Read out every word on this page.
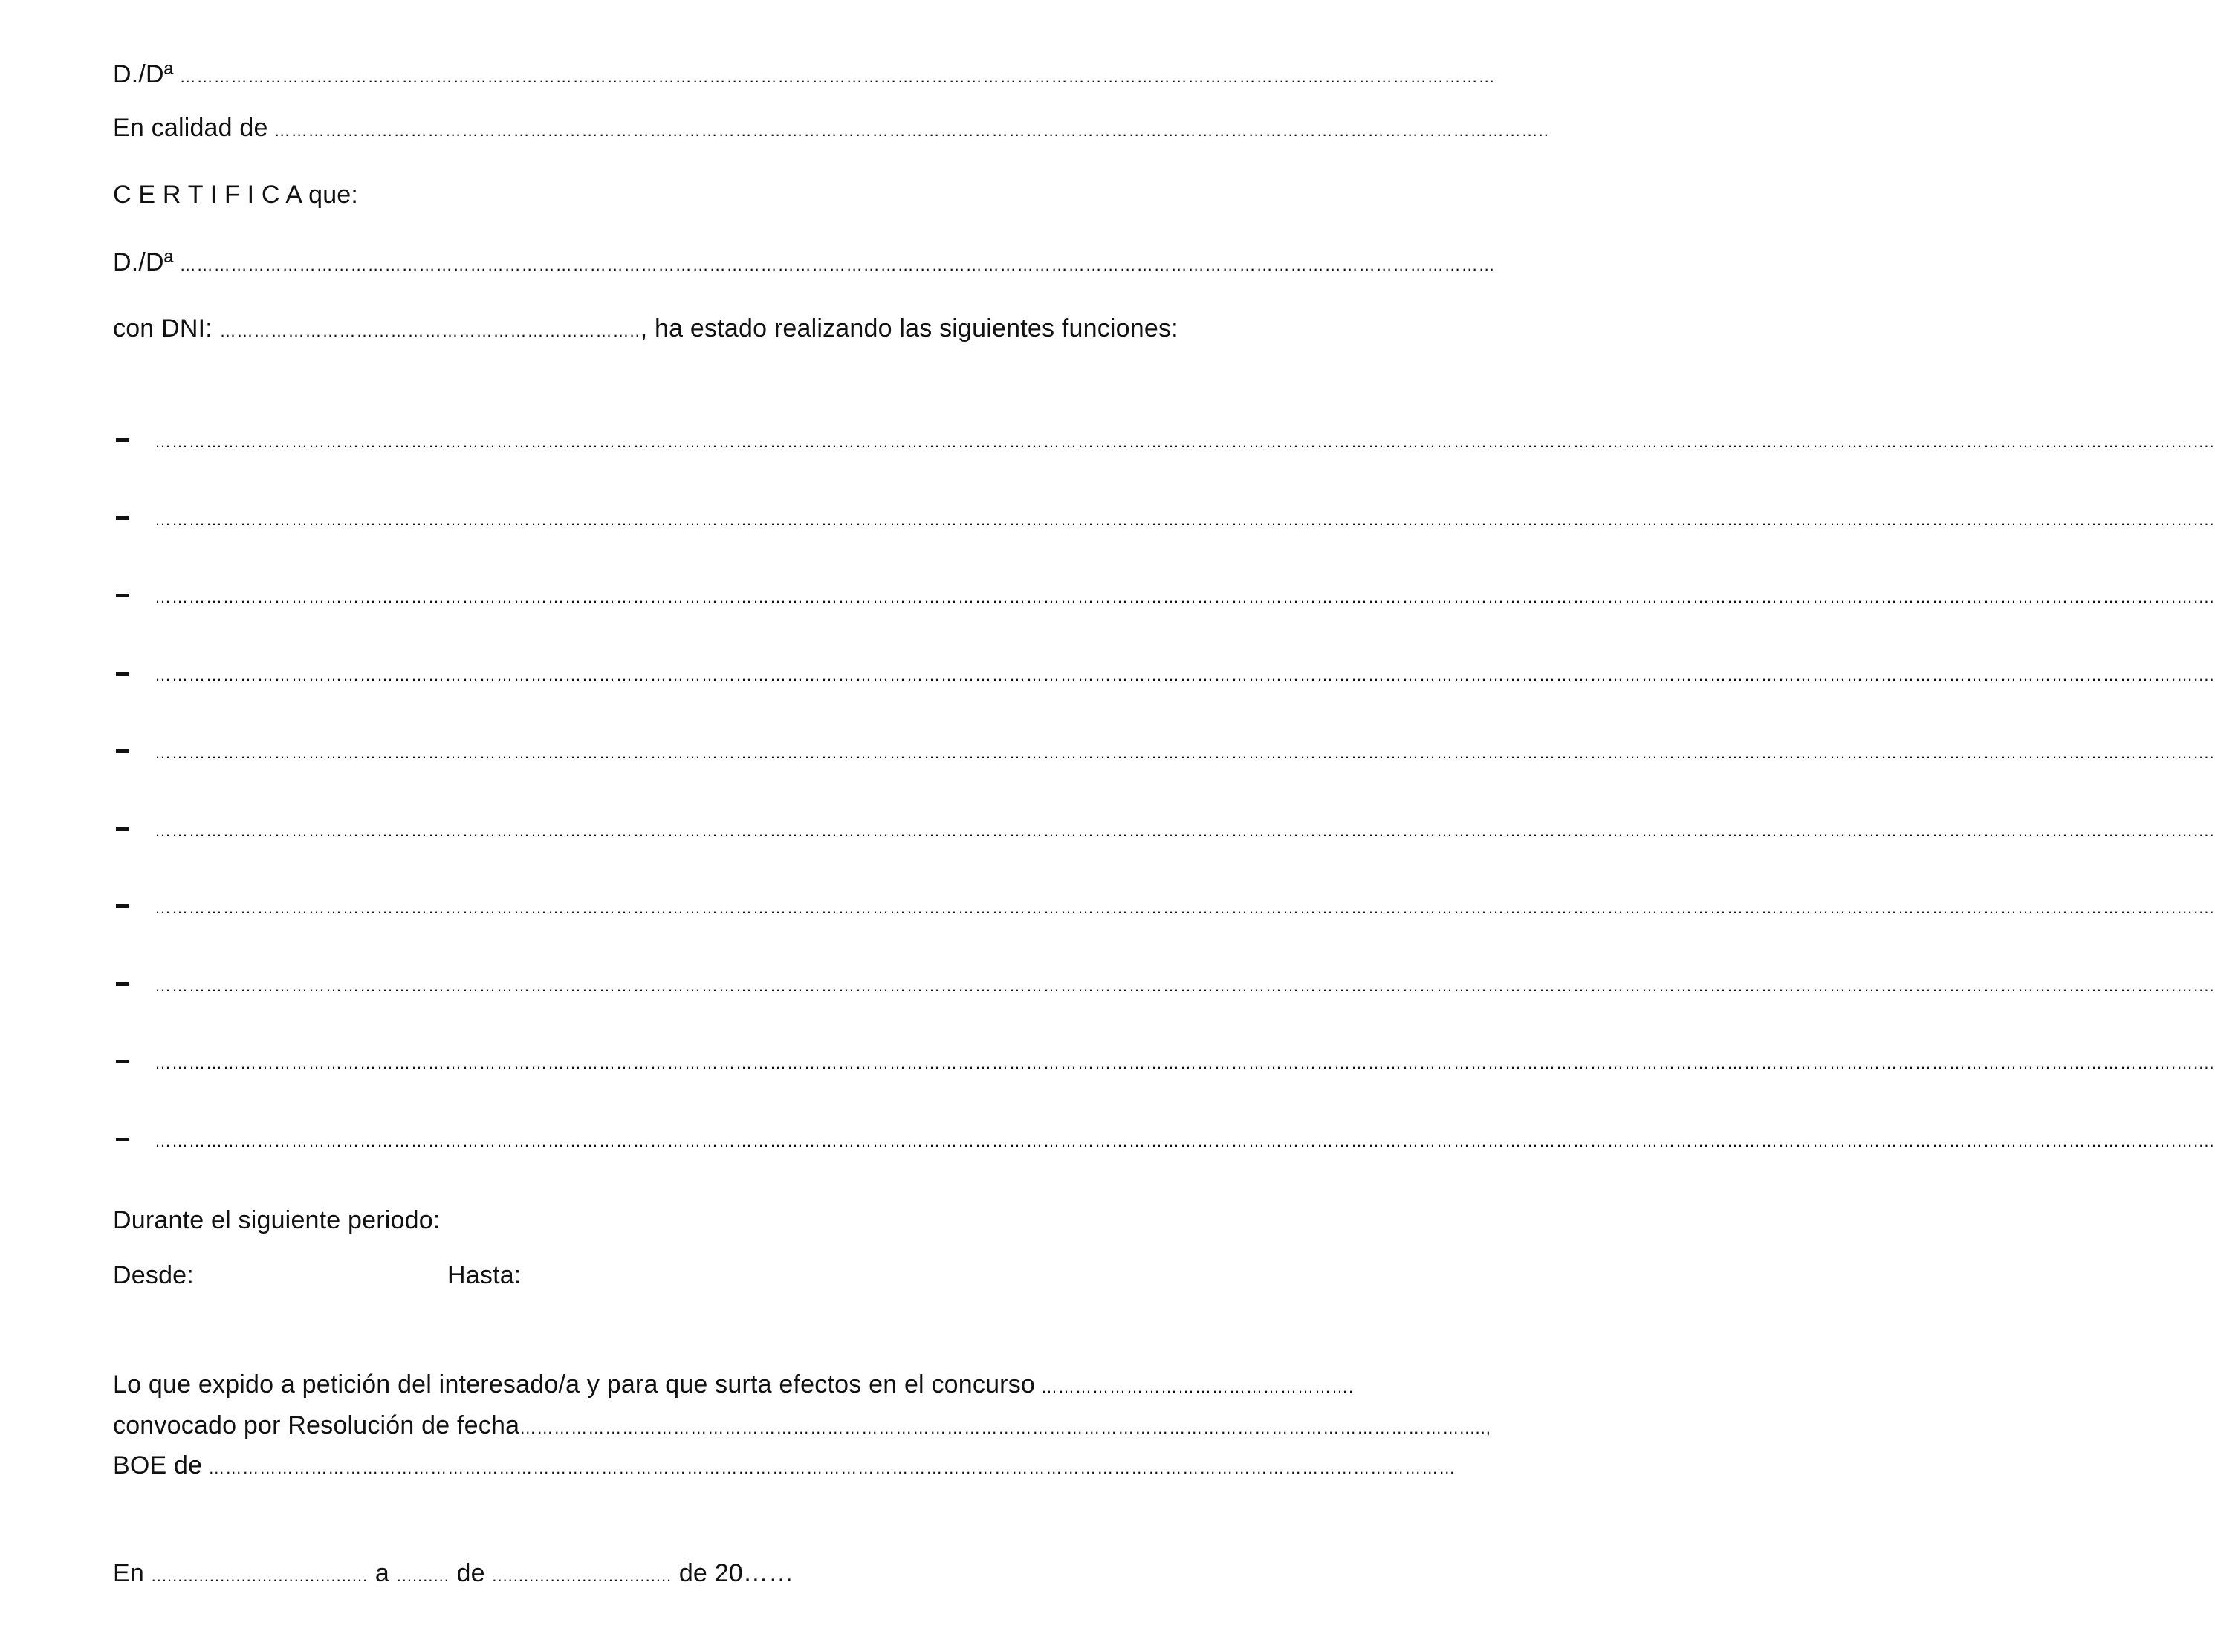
D./Dª ……………………………………………………………………………………………………………………………………………………………………………………………………………
En calidad de ……………………………………………………………………………………………………………………………………………………………………………………………………..
C E R T I F I C A que:
D./Dª ……………………………………………………………………………………………………………………………………………………………………………………………………………
con DNI: ……………………………………………………………….., ha estado realizando las siguientes funciones:
………………………………………………………………………………………………………………………………………………………………………………………………………………………………………………………………………………………………………………………….…....
………………………………………………………………………………………………………………………………………………………………………………………………………………………………………………………………………………………………………………………….…....
………………………………………………………………………………………………………………………………………………………………………………………………………………………………………………………………………………………………………………………….…....
………………………………………………………………………………………………………………………………………………………………………………………………………………………………………………………………………………………………………………………….…....
………………………………………………………………………………………………………………………………………………………………………………………………………………………………………………………………………………………………………………………….…....
………………………………………………………………………………………………………………………………………………………………………………………………………………………………………………………………………………………………………………………….…....
………………………………………………………………………………………………………………………………………………………………………………………………………………………………………………………………………………………………………………………….…....
………………………………………………………………………………………………………………………………………………………………………………………………………………………………………………………………………………………………………………………….…....
………………………………………………………………………………………………………………………………………………………………………………………………………………………………………………………………………………………………………………………….…....
………………………………………………………………………………………………………………………………………………………………………………………………………………………………………………………………………………………………………………………….…....
Durante el siguiente periodo:
Desde:	Hasta:
Lo que expido a petición del interesado/a y para que surta efectos en el concurso ……………………………………………….
convocado por Resolución de fecha ………………………………………………………………………………………………………………………………………………….....,
BOE de …………………………………………………………………………………………………………………………………………………………………………………………………
En ......................................... a .......... de .................................. de 20……
